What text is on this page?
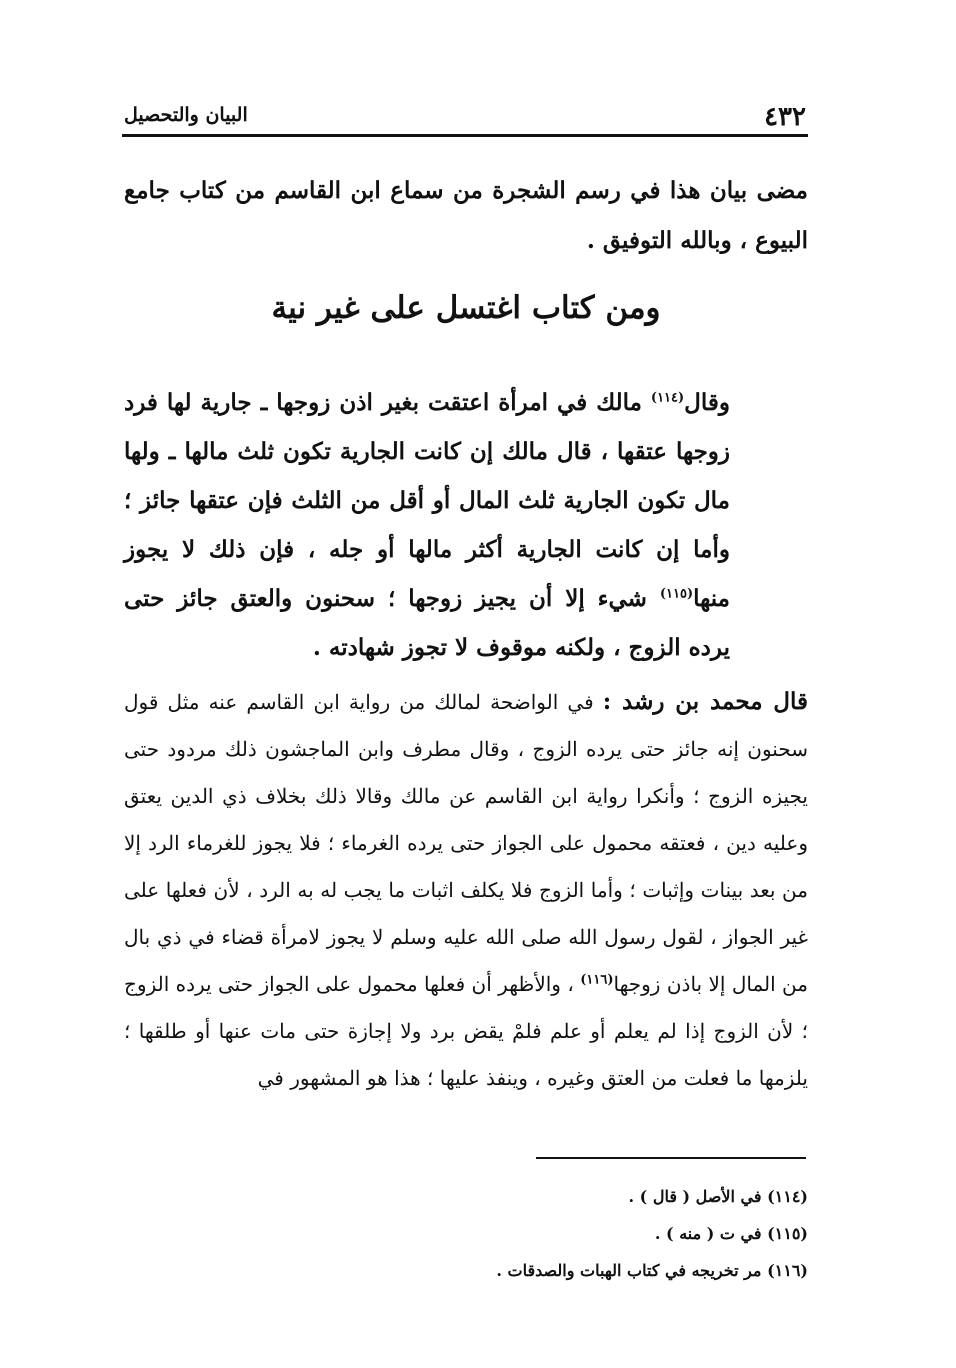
٤٣٢
البيان والتحصيل
مضى بيان هذا في رسم الشجرة من سماع ابن القاسم من كتاب جامع البيوع ، وبالله التوفيق .
ومن كتاب اغتسل على غير نية

وقال$^{(١١٤)}$ مالك في امرأة اعتقت بغير اذن زوجها ـ جارية لها فرد زوجها عتقها ، قال مالك إن كانت الجارية تكون ثلث مالها ـ ولها مال تكون الجارية ثلث المال أو أقل من الثلث فإن عتقها جائز ؛ وأما إن كانت الجارية أكثر مالها أو جله ، فإن ذلك لا يجوز منها$^{(١١٥)}$ شيء إلا أن يجيز زوجها ؛ سحنون والعتق جائز حتى يرده الزوج ، ولكنه موقوف لا تجوز شهادته .

قال محمد بن رشد : في الواضحة لمالك من رواية ابن القاسم عنه مثل قول سحنون إنه جائز حتى يرده الزوج ، وقال مطرف وابن الماجشون ذلك مردود حتى يجيزه الزوج ؛ وأنكرا رواية ابن القاسم عن مالك وقالا ذلك بخلاف ذي الدين يعتق وعليه دين ، فعتقه محمول على الجواز حتى يرده الغرماء ؛ فلا يجوز للغرماء الرد إلا من بعد بينات وإثبات ؛ وأما الزوج فلا يكلف اثبات ما يجب له به الرد ، لأن فعلها على غير الجواز ، لقول رسول الله صلى الله عليه وسلم لا يجوز لامرأة قضاء في ذي بال من المال إلا باذن زوجها$^{(١١٦)}$ ، والأظهر أن فعلها محمول على الجواز حتى يرده الزوج ؛ لأن الزوج إذا لم يعلم أو علم فلمْ يقض برد ولا إجازة حتى مات عنها أو طلقها ؛ يلزمها ما فعلت من العتق وغيره ، وينفذ عليها ؛ هذا هو المشهور في

(١١٤) في الأصل ( قال ) .
(١١٥) في ت ( منه ) .
(١١٦) مر تخريجه في كتاب الهبات والصدقات .
